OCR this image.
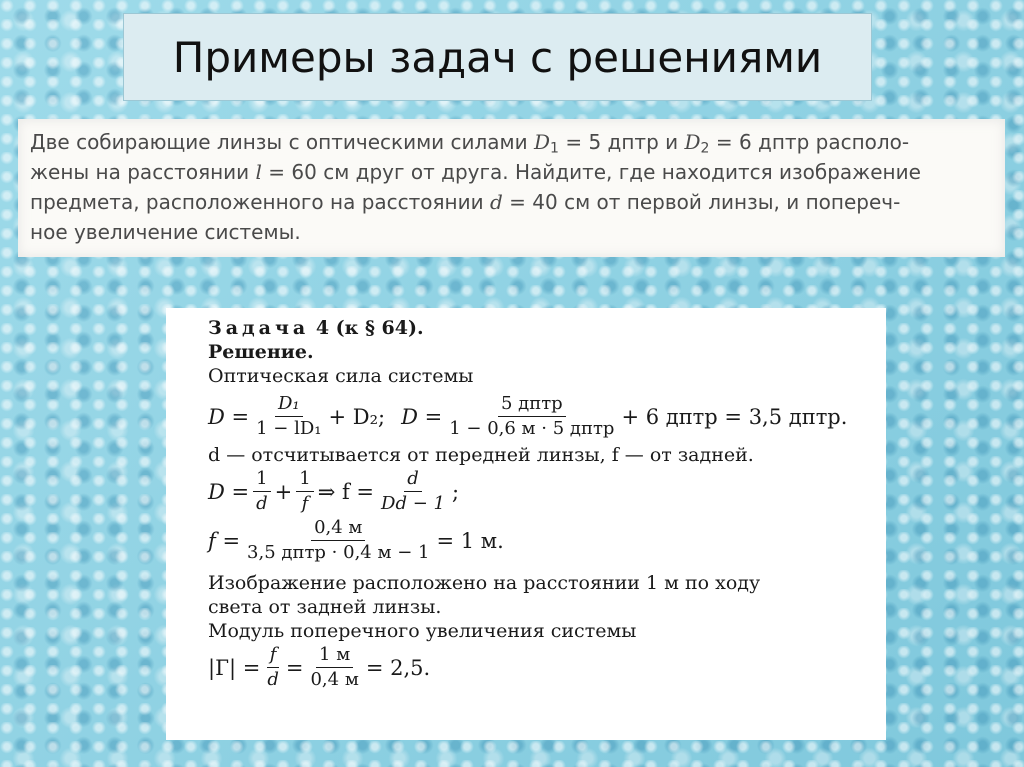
Примеры задач с решениями

Две собирающие линзы с оптическими силами $D_1 = 5$ дптр и $D_2 = 6$ дптр располо-
жены на расстоянии l = 60 см друг от друга. Найдите, где находится изображение
предмета, расположенного на расстоянии d = 40 см от первой линзы, и попереч-
ное увеличение системы.

Задача 4 (к § 64).
Решение.
Оптическая сила системы
$D = \frac{\text{D₁}}{\text{1 − lD₁}} + D_2$; $D = \frac{\text{5 дптр}}{\text{1 − 0,6 м · 5 дптр}} + 6$ дптр = 3,5 дптр.
d — отсчитывается от передней линзы, f — от задней.
$D = \frac{1}{d} + \frac{1}{f}$ ⇒ $f = \frac{d}{Dd - 1}$ ;
$f = \frac{0,4 м}{\text{3,5 дптр · 0,4 м − 1}} = 1$ м.
Изображение расположено на расстоянии 1 м по ходу
света от задней линзы.
Модуль поперечного увеличения системы
$|Г| = \frac{f}{d} = \frac{1 м}{0,4 м} = 2,5$.
